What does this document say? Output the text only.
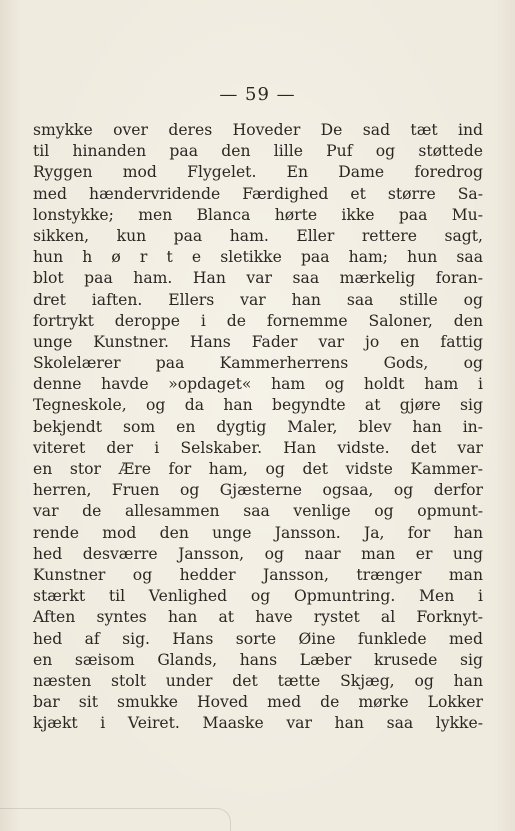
— 59 —
smykke over deres Hoveder De sad tæt ind
til hinanden paa den lille Puf og støttede
Ryggen mod Flygelet. En Dame foredrog
med hændervridende Færdighed et større Sa-
lonstykke; men Blanca hørte ikke paa Mu-
sikken, kun paa ham. Eller rettere sagt,
hun h ø r t e sletikke paa ham; hun saa
blot paa ham. Han var saa mærkelig foran-
dret iaften. Ellers var han saa stille og
fortrykt deroppe i de fornemme Saloner, den
unge Kunstner. Hans Fader var jo en fattig
Skolelærer paa Kammerherrens Gods, og
denne havde »opdaget« ham og holdt ham i
Tegneskole, og da han begyndte at gjøre sig
bekjendt som en dygtig Maler, blev han in-
viteret der i Selskaber. Han vidste. det var
en stor Ære for ham, og det vidste Kammer-
herren, Fruen og Gjæsterne ogsaa, og derfor
var de allesammen saa venlige og opmunt-
rende mod den unge Jansson. Ja, for han
hed desværre Jansson, og naar man er ung
Kunstner og hedder Jansson, trænger man
stærkt til Venlighed og Opmuntring. Men i
Aften syntes han at have rystet al Forknyt-
hed af sig. Hans sorte Øine funklede med
en sæisom Glands, hans Læber krusede sig
næsten stolt under det tætte Skjæg, og han
bar sit smukke Hoved med de mørke Lokker
kjækt i Veiret. Maaske var han saa lykke-
